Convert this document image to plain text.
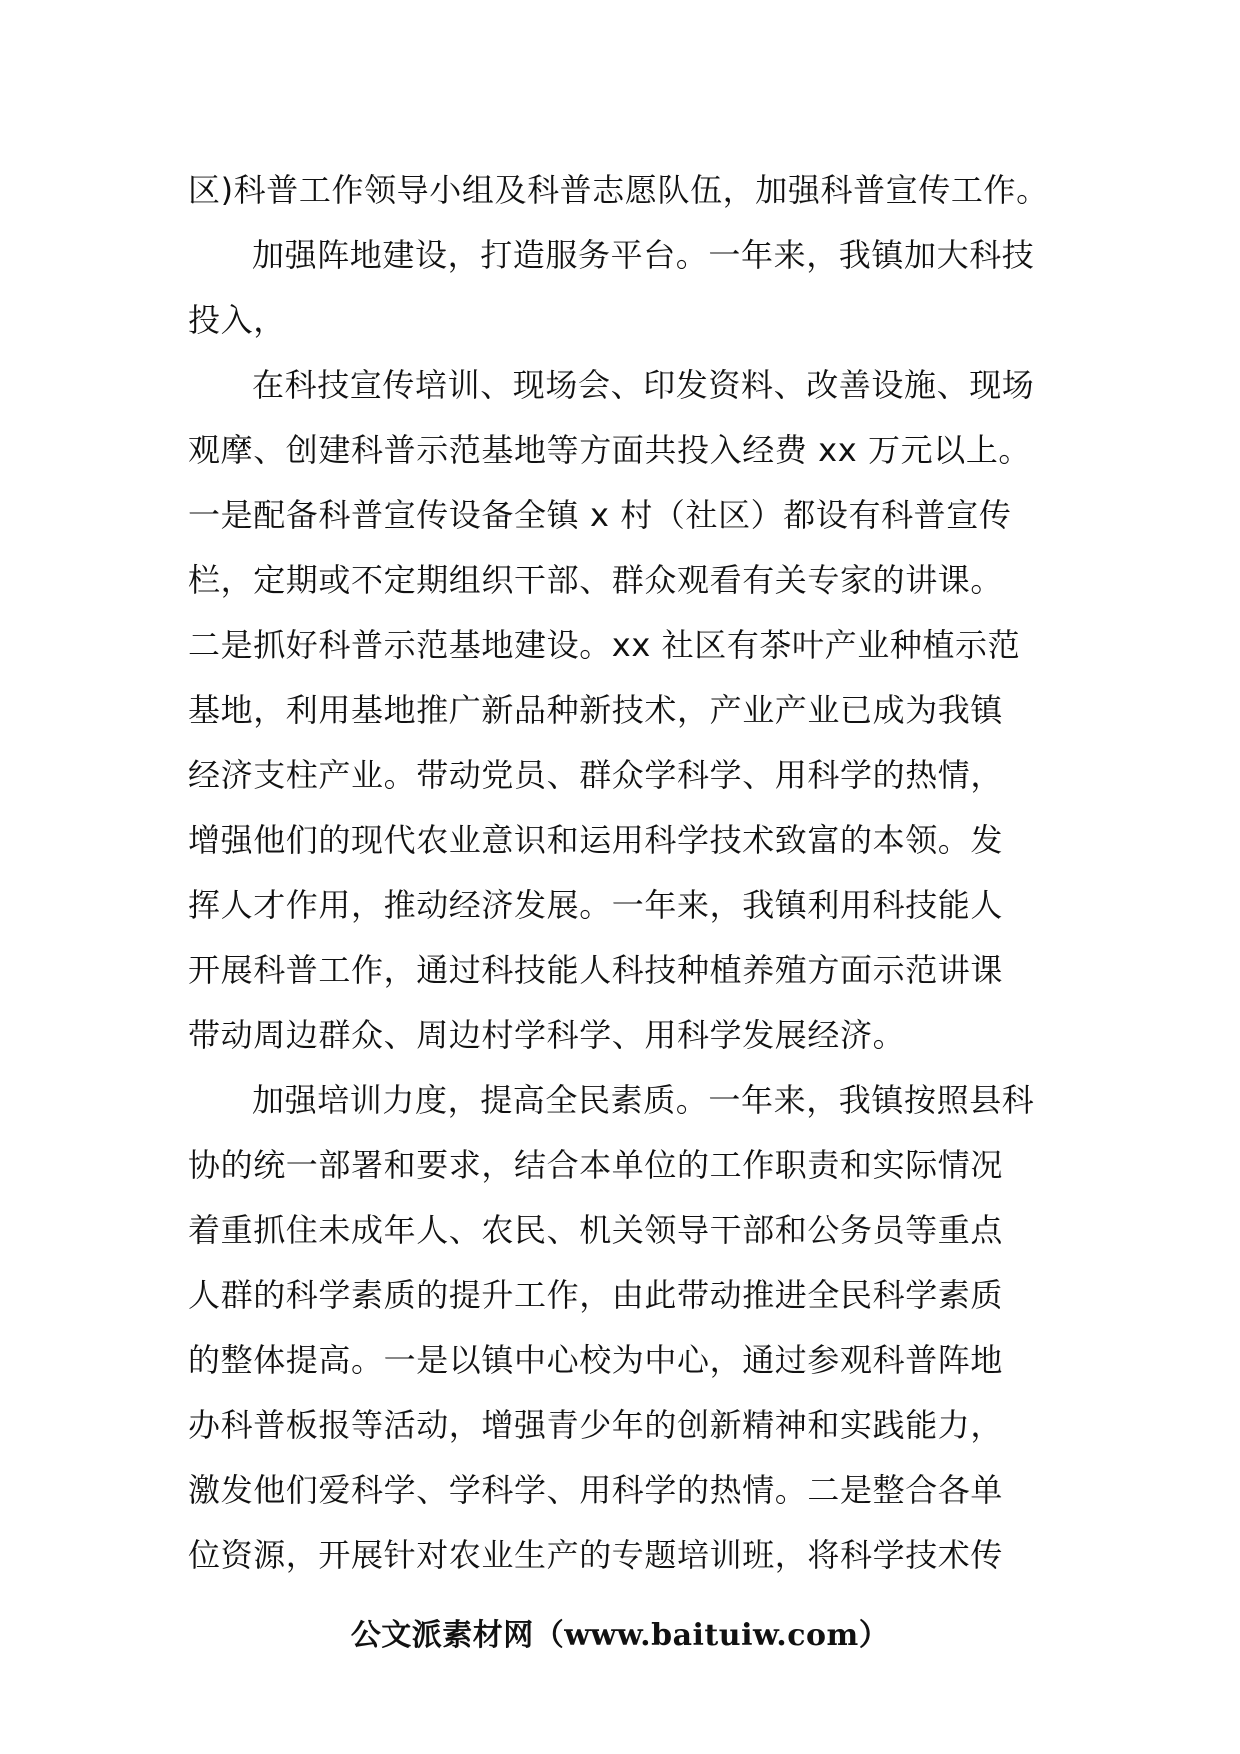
区)科普工作领导小组及科普志愿队伍，加强科普宣传工作。
加强阵地建设，打造服务平台。一年来，我镇加大科技
投入，
在科技宣传培训、现场会、印发资料、改善设施、现场
观摩、创建科普示范基地等方面共投入经费 xx 万元以上。
一是配备科普宣传设备全镇 x 村（社区）都设有科普宣传
栏，定期或不定期组织干部、群众观看有关专家的讲课。
二是抓好科普示范基地建设。xx 社区有茶叶产业种植示范
基地，利用基地推广新品种新技术，产业产业已成为我镇
经济支柱产业。带动党员、群众学科学、用科学的热情，
增强他们的现代农业意识和运用科学技术致富的本领。发
挥人才作用，推动经济发展。一年来，我镇利用科技能人
开展科普工作，通过科技能人科技种植养殖方面示范讲课
带动周边群众、周边村学科学、用科学发展经济。
加强培训力度，提高全民素质。一年来，我镇按照县科
协的统一部署和要求，结合本单位的工作职责和实际情况
着重抓住未成年人、农民、机关领导干部和公务员等重点
人群的科学素质的提升工作，由此带动推进全民科学素质
的整体提高。一是以镇中心校为中心，通过参观科普阵地
办科普板报等活动，增强青少年的创新精神和实践能力，
激发他们爱科学、学科学、用科学的热情。二是整合各单
位资源，开展针对农业生产的专题培训班，将科学技术传
公文派素材网（www.baituiw.com）
